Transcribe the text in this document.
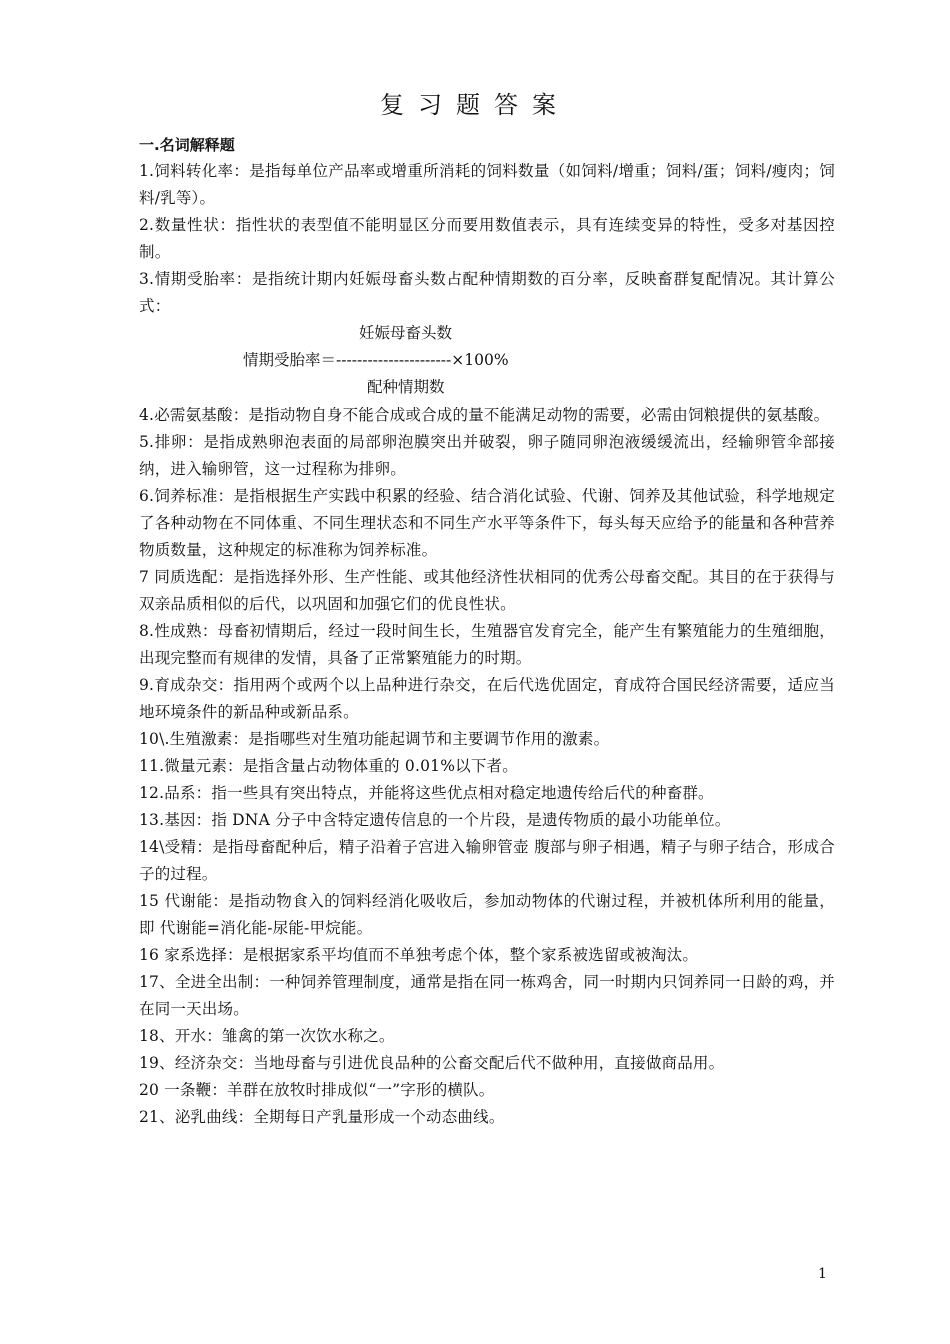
复习题答案
一.名词解释题

1.饲料转化率：是指每单位产品率或增重所消耗的饲料数量（如饲料/增重；饲料/蛋；饲料/瘦肉；饲料/乳等）。

2.数量性状：指性状的表型值不能明显区分而要用数值表示，具有连续变异的特性，受多对基因控制。

3.情期受胎率：是指统计期内妊娠母畜头数占配种情期数的百分率，反映畜群复配情况。其计算公式：

妊娠母畜头数
情期受胎率＝----------------------×100%
配种情期数

4.必需氨基酸：是指动物自身不能合成或合成的量不能满足动物的需要，必需由饲粮提供的氨基酸。

5.排卵：是指成熟卵泡表面的局部卵泡膜突出并破裂，卵子随同卵泡液缓缓流出，经输卵管伞部接纳，进入输卵管，这一过程称为排卵。

6.饲养标准：是指根据生产实践中积累的经验、结合消化试验、代谢、饲养及其他试验，科学地规定了各种动物在不同体重、不同生理状态和不同生产水平等条件下，每头每天应给予的能量和各种营养物质数量，这种规定的标准称为饲养标准。

7 同质选配：是指选择外形、生产性能、或其他经济性状相同的优秀公母畜交配。其目的在于获得与双亲品质相似的后代，以巩固和加强它们的优良性状。

8.性成熟：母畜初情期后，经过一段时间生长，生殖器官发育完全，能产生有繁殖能力的生殖细胞，出现完整而有规律的发情，具备了正常繁殖能力的时期。

9.育成杂交：指用两个或两个以上品种进行杂交，在后代选优固定，育成符合国民经济需要，适应当地环境条件的新品种或新品系。

10\.生殖激素：是指哪些对生殖功能起调节和主要调节作用的激素。

11.微量元素：是指含量占动物体重的 0.01%以下者。

12.品系：指一些具有突出特点，并能将这些优点相对稳定地遗传给后代的种畜群。

13.基因：指 DNA 分子中含特定遗传信息的一个片段，是遗传物质的最小功能单位。

14\受精：是指母畜配种后，精子沿着子宫进入输卵管壶 腹部与卵子相遇，精子与卵子结合，形成合子的过程。

15 代谢能：是指动物食入的饲料经消化吸收后，参加动物体的代谢过程，并被机体所利用的能量，即 代谢能=消化能-尿能-甲烷能。

16 家系选择：是根据家系平均值而不单独考虑个体，整个家系被选留或被淘汰。

17、全进全出制：一种饲养管理制度，通常是指在同一栋鸡舍，同一时期内只饲养同一日龄的鸡，并在同一天出场。

18、开水：雏禽的第一次饮水称之。

19、经济杂交：当地母畜与引进优良品种的公畜交配后代不做种用，直接做商品用。

20 一条鞭：羊群在放牧时排成似“一”字形的横队。

21、泌乳曲线：全期每日产乳量形成一个动态曲线。

1
